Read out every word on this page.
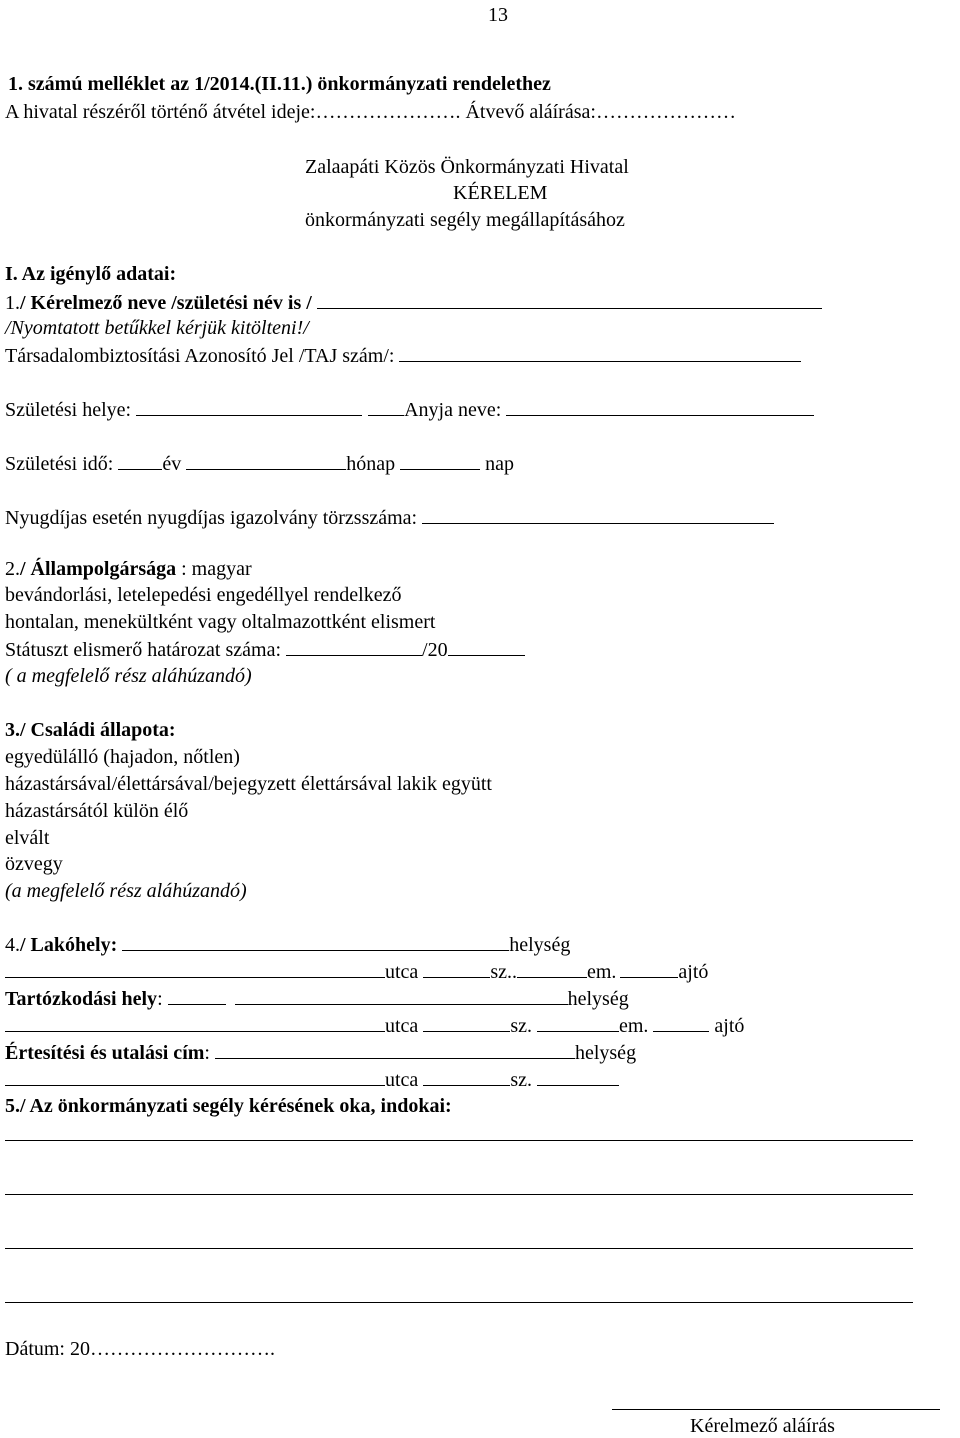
13
1. számú melléklet az 1/2014.(II.11.) önkormányzati rendelethez
A hivatal részéről történő átvétel ideje:…………………. Átvevő aláírása:…………………
Zalaapáti Közös Önkormányzati Hivatal
KÉRELEM
önkormányzati segély megállapításához
I. Az igénylő adatai:
1./ Kérelmező neve /születési név is /
/Nyomtatott betűkkel kérjük kitölteni!/
Társadalombiztosítási Azonosító Jel /TAJ szám/:
Születési helye:	Anyja neve:
Születési idő: év	hónap	nap
Nyugdíjas esetén nyugdíjas igazolvány törzsszáma:
2./ Állampolgársága : magyar
bevándorlási, letelepedési engedéllyel rendelkező
hontalan, menekültként vagy oltalmazottként elismert
Státuszt elismerő határozat száma:	/20
( a megfelelő rész aláhúzandó)
3./ Családi állapota:
egyedülálló (hajadon, nőtlen)
házastársával/élettársával/bejegyzett élettársával lakik együtt
házastársától külön élő
elvált
özvegy
(a megfelelő rész aláhúzandó)
4./ Lakóhely:	helység
utca	sz..	em.	ajtó
Tartózkodási hely:	helység
utca	sz.	em.	ajtó
Értesítési és utalási cím:	helység
utca	sz.
5./ Az önkormányzati segély kérésének oka, indokai:
Dátum: 20……………………….
Kérelmező aláírás
